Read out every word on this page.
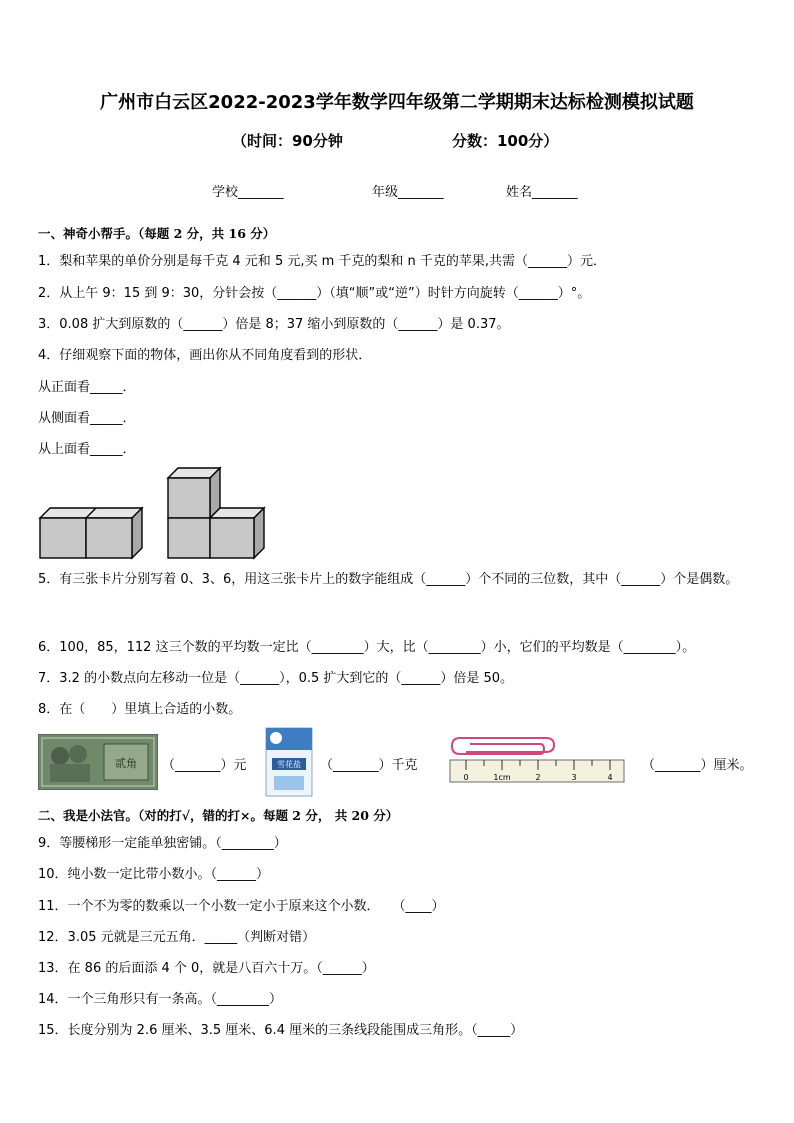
广州市白云区2022-2023学年数学四年级第二学期期末达标检测模拟试题
（时间：90分钟	分数：100分）
学校_______	年级_______	姓名_______
一、神奇小帮手。（每题 2 分，共 16 分）
1．梨和苹果的单价分别是每千克 4 元和 5 元,买 m 千克的梨和 n 千克的苹果,共需（______）元．
2．从上午 9：15 到 9：30，分针会按（______）（填“顺”或“逆”）时针方向旋转（______）°。
3．0.08 扩大到原数的（______）倍是 8；37 缩小到原数的（______）是 0.37。
4．仔细观察下面的物体，画出你从不同角度看到的形状．
从正面看_____．
从侧面看_____．
从上面看_____．
5．有三张卡片分别写着 0、3、6，用这三张卡片上的数字能组成（______）个不同的三位数，其中（______）个是偶数。
6．100，85，112 这三个数的平均数一定比（________）大，比（________）小，它们的平均数是（________）。
7．3.2 的小数点向左移动一位是（______），0.5 扩大到它的（______）倍是 50。
8．在（　　）里填上合适的小数。
贰角 （_______）元	雪花盐 （_______）千克
0	1cm	2	3	4
（_______）厘米。
二、我是小法官。（对的打√，错的打×。每题 2 分， 共 20 分）
9．等腰梯形一定能单独密铺。（________）
10．纯小数一定比带小数小。（______）
11．一个不为零的数乘以一个小数一定小于原来这个小数．　　（____）
12．3.05 元就是三元五角．_____（判断对错）
13．在 86 的后面添 4 个 0，就是八百六十万。（______）
14．一个三角形只有一条高。（________）
15．长度分别为 2.6 厘米、3.5 厘米、6.4 厘米的三条线段能围成三角形。（_____）
